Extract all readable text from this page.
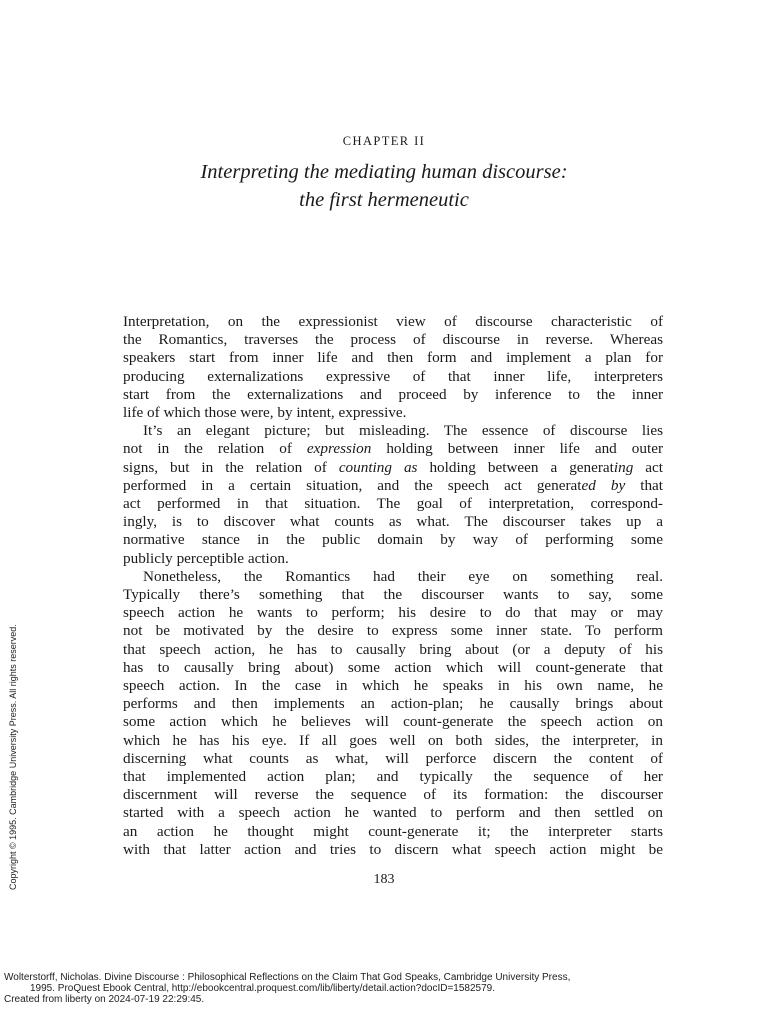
CHAPTER II
Interpreting the mediating human discourse:
the first hermeneutic

Interpretation, on the expressionist view of discourse characteristic of
the Romantics, traverses the process of discourse in reverse. Whereas
speakers start from inner life and then form and implement a plan for
producing externalizations expressive of that inner life, interpreters
start from the externalizations and proceed by inference to the inner
life of which those were, by intent, expressive.

It’s an elegant picture; but misleading. The essence of discourse lies
not in the relation of expression holding between inner life and outer
signs, but in the relation of counting as holding between a generating act
performed in a certain situation, and the speech act generated by that
act performed in that situation. The goal of interpretation, correspond-
ingly, is to discover what counts as what. The discourser takes up a
normative stance in the public domain by way of performing some
publicly perceptible action.

Nonetheless, the Romantics had their eye on something real.
Typically there’s something that the discourser wants to say, some
speech action he wants to perform; his desire to do that may or may
not be motivated by the desire to express some inner state. To perform
that speech action, he has to causally bring about (or a deputy of his
has to causally bring about) some action which will count-generate that
speech action. In the case in which he speaks in his own name, he
performs and then implements an action-plan; he causally brings about
some action which he believes will count-generate the speech action on
which he has his eye. If all goes well on both sides, the interpreter, in
discerning what counts as what, will perforce discern the content of
that implemented action plan; and typically the sequence of her
discernment will reverse the sequence of its formation: the discourser
started with a speech action he wanted to perform and then settled on
an action he thought might count-generate it; the interpreter starts
with that latter action and tries to discern what speech action might be

183
Copyright © 1995. Cambridge University Press. All rights reserved.
Wolterstorff, Nicholas. Divine Discourse : Philosophical Reflections on the Claim That God Speaks, Cambridge University Press,
1995. ProQuest Ebook Central, http://ebookcentral.proquest.com/lib/liberty/detail.action?docID=1582579.
Created from liberty on 2024-07-19 22:29:45.
